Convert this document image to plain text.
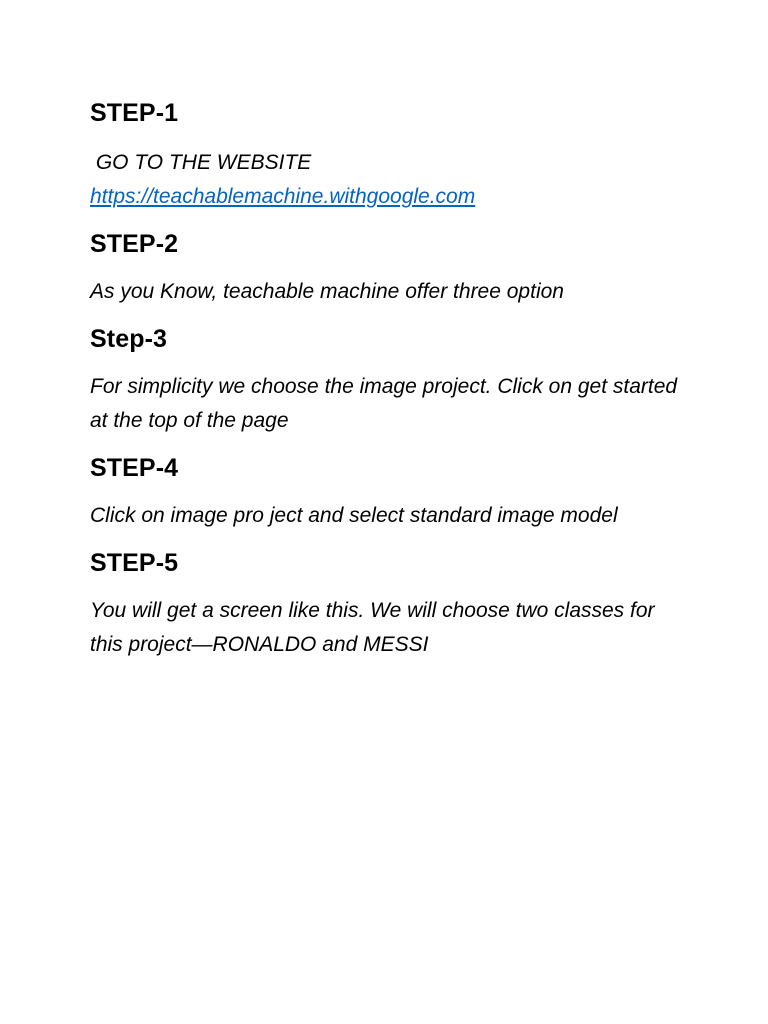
STEP-1

GO TO THE WEBSITE

https://teachablemachine.withgoogle.com
STEP-2

As you Know, teachable machine offer three option

Step-3

For simplicity we choose the image project. Click on get started at the top of the page

STEP-4

Click on image pro ject and select standard image model

STEP-5

You will get a screen like this. We will choose two classes for this project—RONALDO and MESSI
